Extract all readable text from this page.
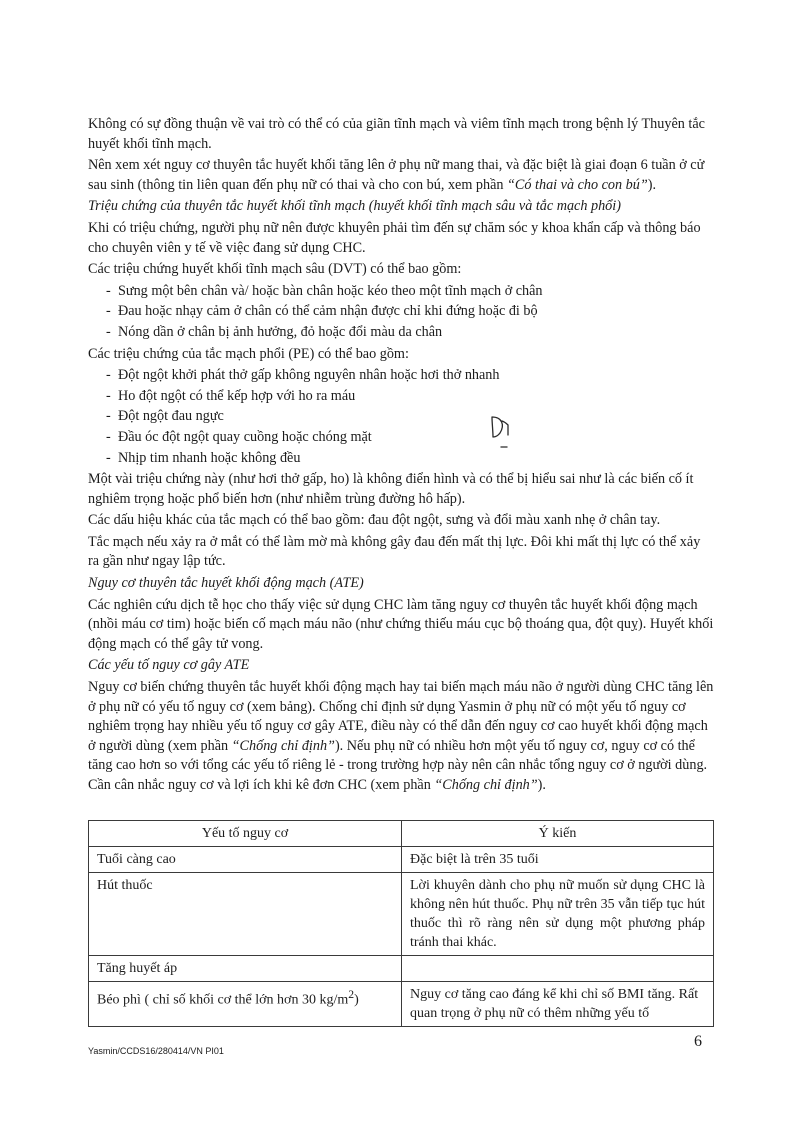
Không có sự đồng thuận về vai trò có thể có của giãn tĩnh mạch và viêm tĩnh mạch trong bệnh lý Thuyên tắc huyết khối tĩnh mạch.

Nên xem xét nguy cơ thuyên tắc huyết khối tăng lên ở phụ nữ mang thai, và đặc biệt là giai đoạn 6 tuần ở cử sau sinh (thông tin liên quan đến phụ nữ có thai và cho con bú, xem phần “Có thai và cho con bú”).

Triệu chứng của thuyên tắc huyết khối tĩnh mạch (huyết khối tĩnh mạch sâu và tắc mạch phổi)

Khi có triệu chứng, người phụ nữ nên được khuyên phải tìm đến sự chăm sóc y khoa khẩn cấp và thông báo cho chuyên viên y tế về việc đang sử dụng CHC.

Các triệu chứng huyết khối tĩnh mạch sâu (DVT) có thể bao gồm:

- Sưng một bên chân và/ hoặc bàn chân hoặc kéo theo một tĩnh mạch ở chân
- Đau hoặc nhạy cảm ở chân có thể cảm nhận được chỉ khi đứng hoặc đi bộ
- Nóng dần ở chân bị ảnh hưởng, đỏ hoặc đổi màu da chân

Các triệu chứng của tắc mạch phổi (PE) có thể bao gồm:

- Đột ngột khởi phát thở gấp không nguyên nhân hoặc hơi thở nhanh
- Ho đột ngột có thể kếp hợp với ho ra máu
- Đột ngột đau ngực
- Đầu óc đột ngột quay cuồng hoặc chóng mặt
- Nhịp tim nhanh hoặc không đều

Một vài triệu chứng này (như hơi thở gấp, ho) là không điển hình và có thể bị hiểu sai như là các biến cố ít nghiêm trọng hoặc phổ biến hơn (như nhiễm trùng đường hô hấp).

Các dấu hiệu khác của tắc mạch có thể bao gồm: đau đột ngột, sưng và đổi màu xanh nhẹ ở chân tay.

Tắc mạch nếu xảy ra ở mắt có thể làm mờ mà không gây đau đến mất thị lực. Đôi khi mất thị lực có thể xảy ra gần như ngay lập tức.

Nguy cơ thuyên tắc huyết khối động mạch (ATE)

Các nghiên cứu dịch tễ học cho thấy việc sử dụng CHC làm tăng nguy cơ thuyên tắc huyết khối động mạch (nhồi máu cơ tim) hoặc biến cố mạch máu não (như chứng thiếu máu cục bộ thoáng qua, đột quỵ). Huyết khối động mạch có thể gây tử vong.

Các yếu tố nguy cơ gây ATE

Nguy cơ biến chứng thuyên tắc huyết khối động mạch hay tai biến mạch máu não ở người dùng CHC tăng lên ở phụ nữ có yếu tố nguy cơ (xem bảng). Chống chỉ định sử dụng Yasmin ở phụ nữ có một yếu tố nguy cơ nghiêm trọng hay nhiều yếu tố nguy cơ gây ATE, điều này có thể dẫn đến nguy cơ cao huyết khối động mạch ở người dùng (xem phần “Chống chỉ định”). Nếu phụ nữ có nhiều hơn một yếu tố nguy cơ, nguy cơ có thể tăng cao hơn so với tổng các yếu tố riêng lẻ - trong trường hợp này nên cân nhắc tổng nguy cơ ở người dùng. Cần cân nhắc nguy cơ và lợi ích khi kê đơn CHC (xem phần “Chống chỉ định”).

Yếu tố nguy cơ	Ý kiến
Tuổi càng cao	Đặc biệt là trên 35 tuổi
Hút thuốc	Lời khuyên dành cho phụ nữ muốn sử dụng CHC là không nên hút thuốc. Phụ nữ trên 35 vẫn tiếp tục hút thuốc thì rõ ràng nên sử dụng một phương pháp tránh thai khác.
Tăng huyết áp	
Béo phì ( chỉ số khối cơ thể lớn hơn 30 $kg/m^2$)	Nguy cơ tăng cao đáng kể khi chỉ số BMI tăng. Rất quan trọng ở phụ nữ có thêm những yếu tố
Yasmin/CCDS16/280414/VN PI01
6
